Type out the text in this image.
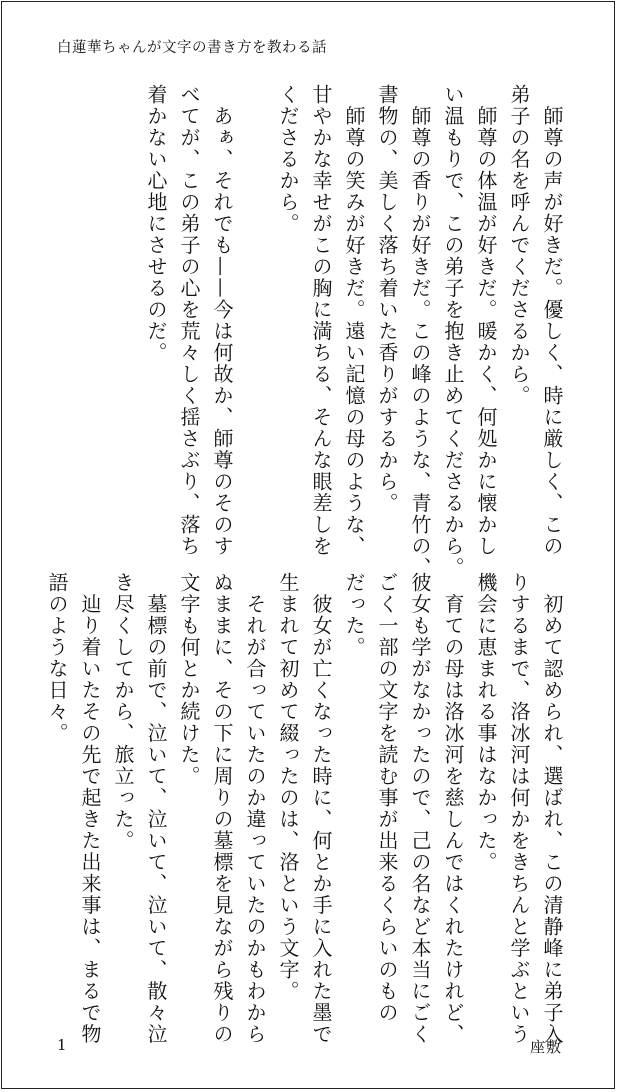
白蓮華ちゃんが文字の書き方を教わる話
　師尊の声が好きだ。優しく、時に厳しく、この
弟子の名を呼んでくださるから。
　師尊の体温が好きだ。暖かく、何処かに懐かし
い温もりで、この弟子を抱き止めてくださるから。
　師尊の香りが好きだ。この峰のような、青竹の、
書物の、美しく落ち着いた香りがするから。
　師尊の笑みが好きだ。遠い記憶の母のような、
甘やかな幸せがこの胸に満ちる、そんな眼差しを
くださるから。

　あぁ、それでも——今は何故か、師尊のそのす
べてが、この弟子の心を荒々しく揺さぶり、落ち
着かない心地にさせるのだ。
　初めて認められ、選ばれ、この清静峰に弟子入
りするまで、洛冰河は何かをきちんと学ぶという
機会に恵まれる事はなかった。
　育ての母は洛冰河を慈しんではくれたけれど、
彼女も学がなかったので、己の名など本当にごく
ごく一部の文字を読む事が出来るくらいのもの
だった。
　彼女が亡くなった時に、何とか手に入れた墨で
生まれて初めて綴ったのは、洛という文字。
　それが合っていたのか違っていたのかもわから
ぬままに、その下に周りの墓標を見ながら残りの
文字も何とか続けた。
　墓標の前で、泣いて、泣いて、泣いて、散々泣
き尽くしてから、旅立った。
　辿り着いたその先で起きた出来事は、まるで物
語のような日々。
1	座敷
